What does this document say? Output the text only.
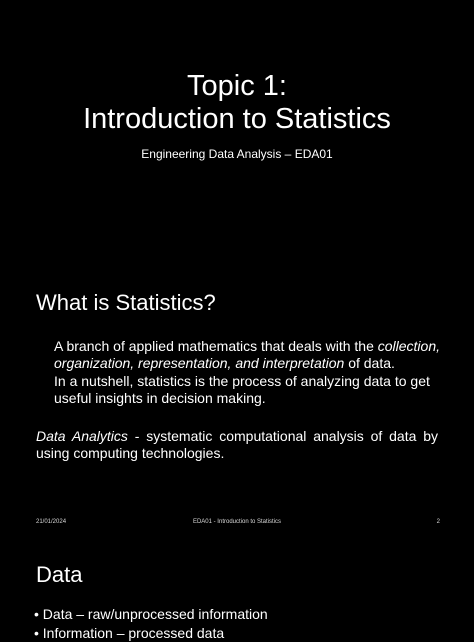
Topic 1:
Introduction to Statistics
Engineering Data Analysis – EDA01
What is Statistics?
A branch of applied mathematics that deals with the collection, organization, representation, and interpretation of data.
In a nutshell, statistics is the process of analyzing data to get useful insights in decision making.
Data Analytics - systematic computational analysis of data by using computing technologies.
21/01/2024	EDA01 - Introduction to Statistics	2
Data
• Data – raw/unprocessed information
• Information – processed data
